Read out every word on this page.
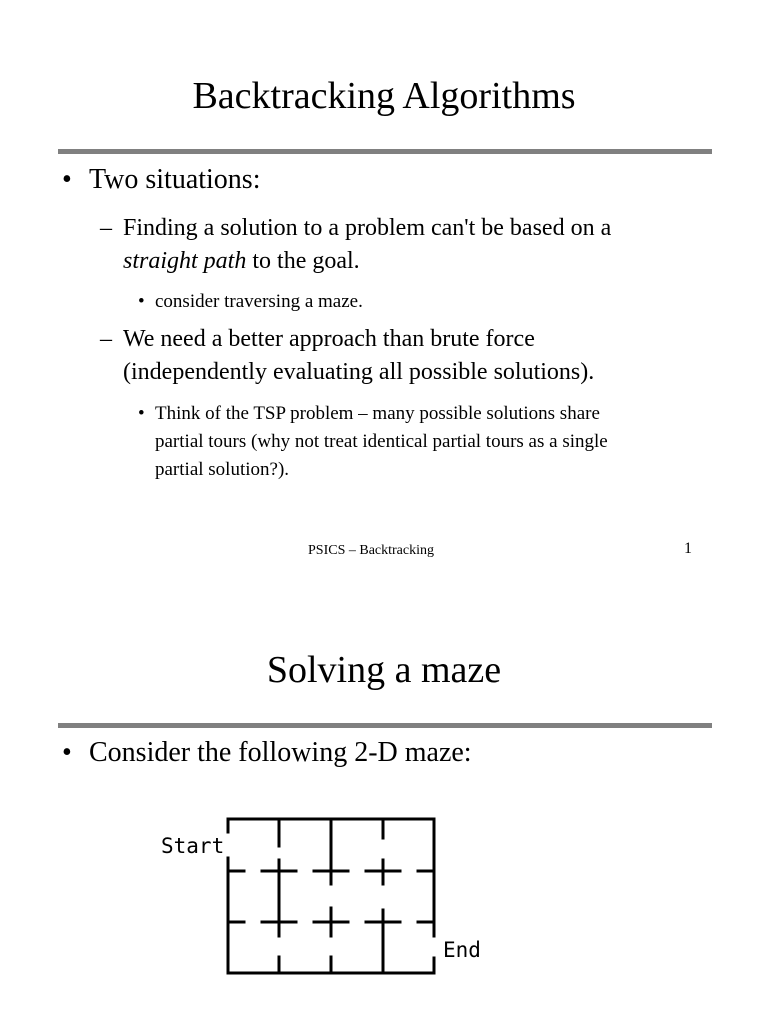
Backtracking Algorithms
• Two situations:
– Finding a solution to a problem can't be based on a
straight path to the goal.
• consider traversing a maze.
– We need a better approach than brute force
(independently evaluating all possible solutions).
• Think of the TSP problem – many possible solutions share
partial tours (why not treat identical partial tours as a single
partial solution?).
PSICS – Backtracking	1
Solving a maze
• Consider the following 2-D maze:
Start
End
